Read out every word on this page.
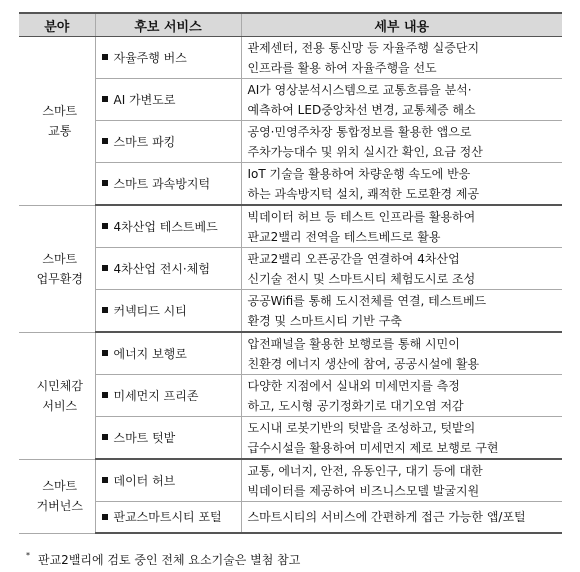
분야	후보 서비스	세부 내용

스마트
교통	자율주행 버스	관제센터, 전용 통신망 등 자율주행 실증단지
인프라를 활용 하여 자율주행을 선도

	AI 가변도로	AI가 영상분석시스템으로 교통흐름을 분석·
예측하여 LED중앙차선 변경, 교통체증 해소

	스마트 파킹	공영·민영주차장 통합정보를 활용한 앱으로
주차가능대수 및 위치 실시간 확인, 요금 정산

	스마트 과속방지턱	IoT 기술을 활용하여 차량운행 속도에 반응
하는 과속방지턱 설치, 쾌적한 도로환경 제공

스마트
업무환경	4차산업 테스트베드	빅데이터 허브 등 테스트 인프라를 활용하여
판교2밸리 전역을 테스트베드로 활용

	4차산업 전시·체험	판교2밸리 오픈공간을 연결하여 4차산업
신기술 전시 및 스마트시티 체험도시로 조성

	커넥티드 시티	공공Wifi를 통해 도시전체를 연결, 테스트베드
환경 및 스마트시티 기반 구축

시민체감
서비스	에너지 보행로	압전패널을 활용한 보행로를 통해 시민이
친환경 에너지 생산에 참여, 공공시설에 활용

	미세먼지 프리존	다양한 지점에서 실내외 미세먼지를 측정
하고, 도시형 공기정화기로 대기오염 저감

	스마트 텃밭	도시내 로봇기반의 텃밭을 조성하고, 텃밭의
급수시설을 활용하여 미세먼지 제로 보행로 구현

스마트
거버넌스	데이터 허브	교통, 에너지, 안전, 유동인구, 대기 등에 대한
빅데이터를 제공하여 비즈니스모델 발굴지원

	판교스마트시티 포털	스마트시티의 서비스에 간편하게 접근 가능한 앱/포털
* 판교2밸리에 검토 중인 전체 요소기술은 별첨 참고
